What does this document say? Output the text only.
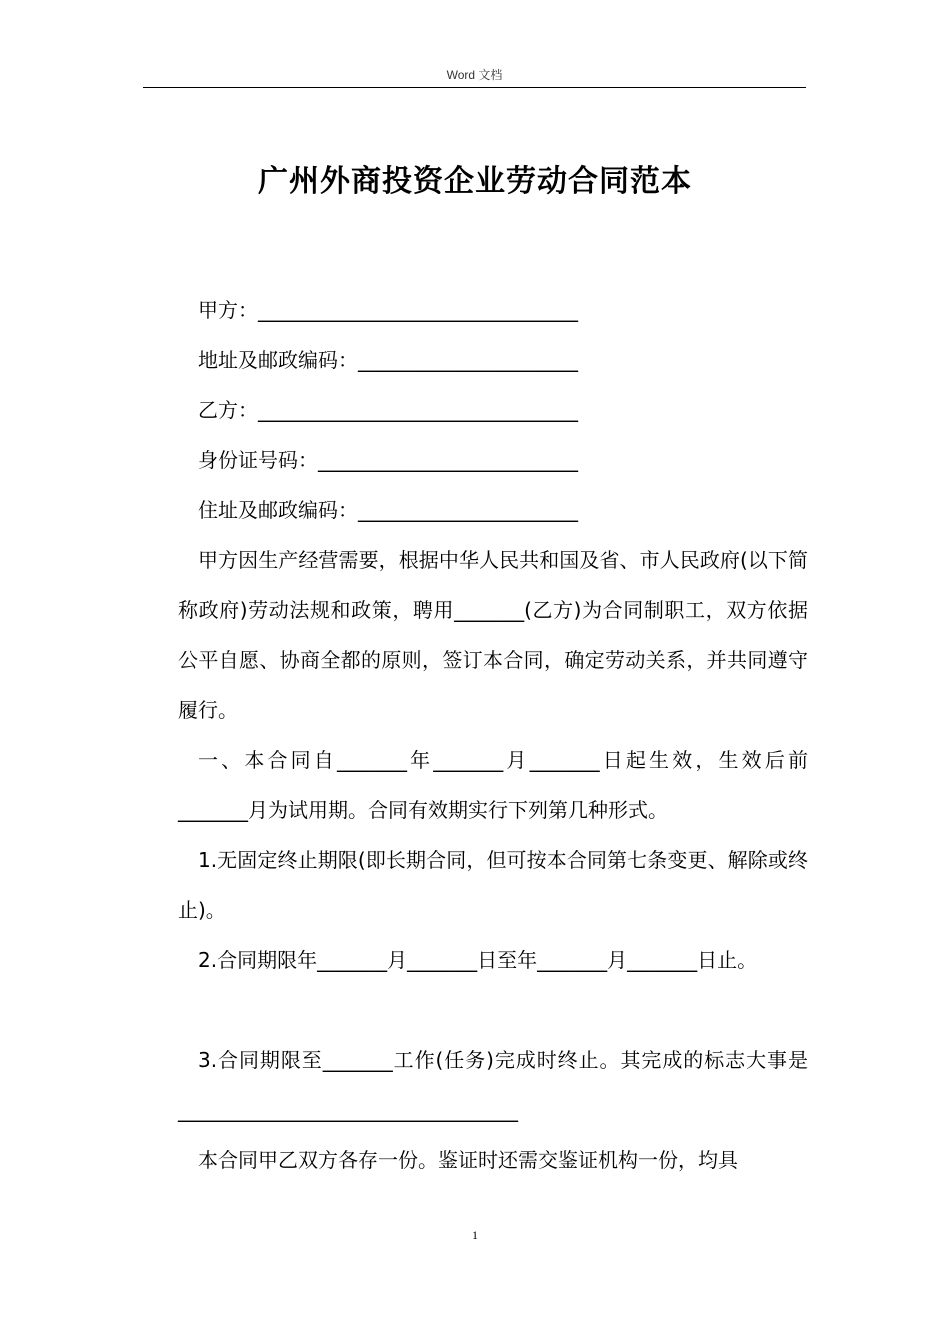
Word 文档
广州外商投资企业劳动合同范本

甲方：________________________________

地址及邮政编码：______________________

乙方：________________________________

身份证号码：__________________________

住址及邮政编码：______________________

甲方因生产经营需要，根据中华人民共和国及省、市人民政府(以下简称政府)劳动法规和政策，聘用_______(乙方)为合同制职工，双方依据公平自愿、协商全都的原则，签订本合同，确定劳动关系，并共同遵守履行。

一、本合同自_______年_______月_______日起生效，生效后前_______月为试用期。合同有效期实行下列第几种形式。

1.无固定终止期限(即长期合同，但可按本合同第七条变更、解除或终止)。

2.合同期限年_______月_______日至年_______月_______日止。

3.合同期限至_______工作(任务)完成时终止。其完成的标志大事是__________________________________

本合同甲乙双方各存一份。鉴证时还需交鉴证机构一份，均具

1
